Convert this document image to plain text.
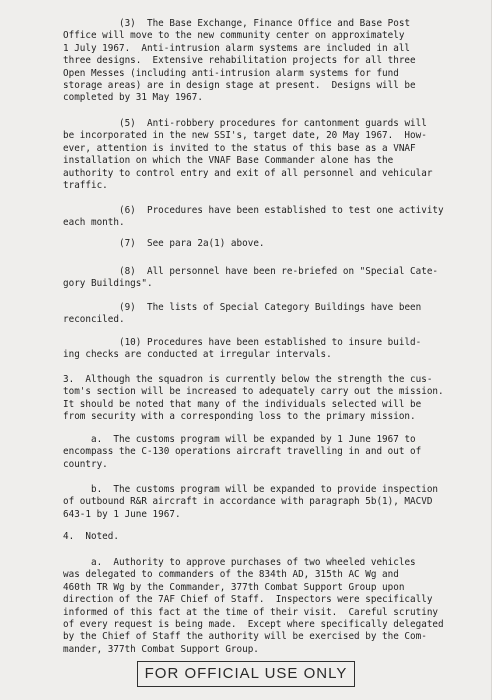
(3)  The Base Exchange, Finance Office and Base Post
Office will move to the new community center on approximately
1 July 1967.  Anti-intrusion alarm systems are included in all
three designs.  Extensive rehabilitation projects for all three
Open Messes (including anti-intrusion alarm systems for fund
storage areas) are in design stage at present.  Designs will be
completed by 31 May 1967.

(5)  Anti-robbery procedures for cantonment guards will
be incorporated in the new SSI's, target date, 20 May 1967.  How-
ever, attention is invited to the status of this base as a VNAF
installation on which the VNAF Base Commander alone has the
authority to control entry and exit of all personnel and vehicular
traffic.

(6)  Procedures have been established to test one activity
each month.

(7)  See para 2a(1) above.

(8)  All personnel have been re-briefed on "Special Cate-
gory Buildings".

(9)  The lists of Special Category Buildings have been
reconciled.

(10) Procedures have been established to insure build-
ing checks are conducted at irregular intervals.

3.  Although the squadron is currently below the strength the cus-
tom's section will be increased to adequately carry out the mission.
It should be noted that many of the individuals selected will be
from security with a corresponding loss to the primary mission.

a.  The customs program will be expanded by 1 June 1967 to
encompass the C-130 operations aircraft travelling in and out of
country.

b.  The customs program will be expanded to provide inspection
of outbound R&R aircraft in accordance with paragraph 5b(1), MACVD
643-1 by 1 June 1967.

4.  Noted.

a.  Authority to approve purchases of two wheeled vehicles
was delegated to commanders of the 834th AD, 315th AC Wg and
460th TR Wg by the Commander, 377th Combat Support Group upon
direction of the 7AF Chief of Staff.  Inspectors were specifically
informed of this fact at the time of their visit.  Careful scrutiny
of every request is being made.  Except where specifically delegated
by the Chief of Staff the authority will be exercised by the Com-
mander, 377th Combat Support Group.

FOR OFFICIAL USE ONLY
